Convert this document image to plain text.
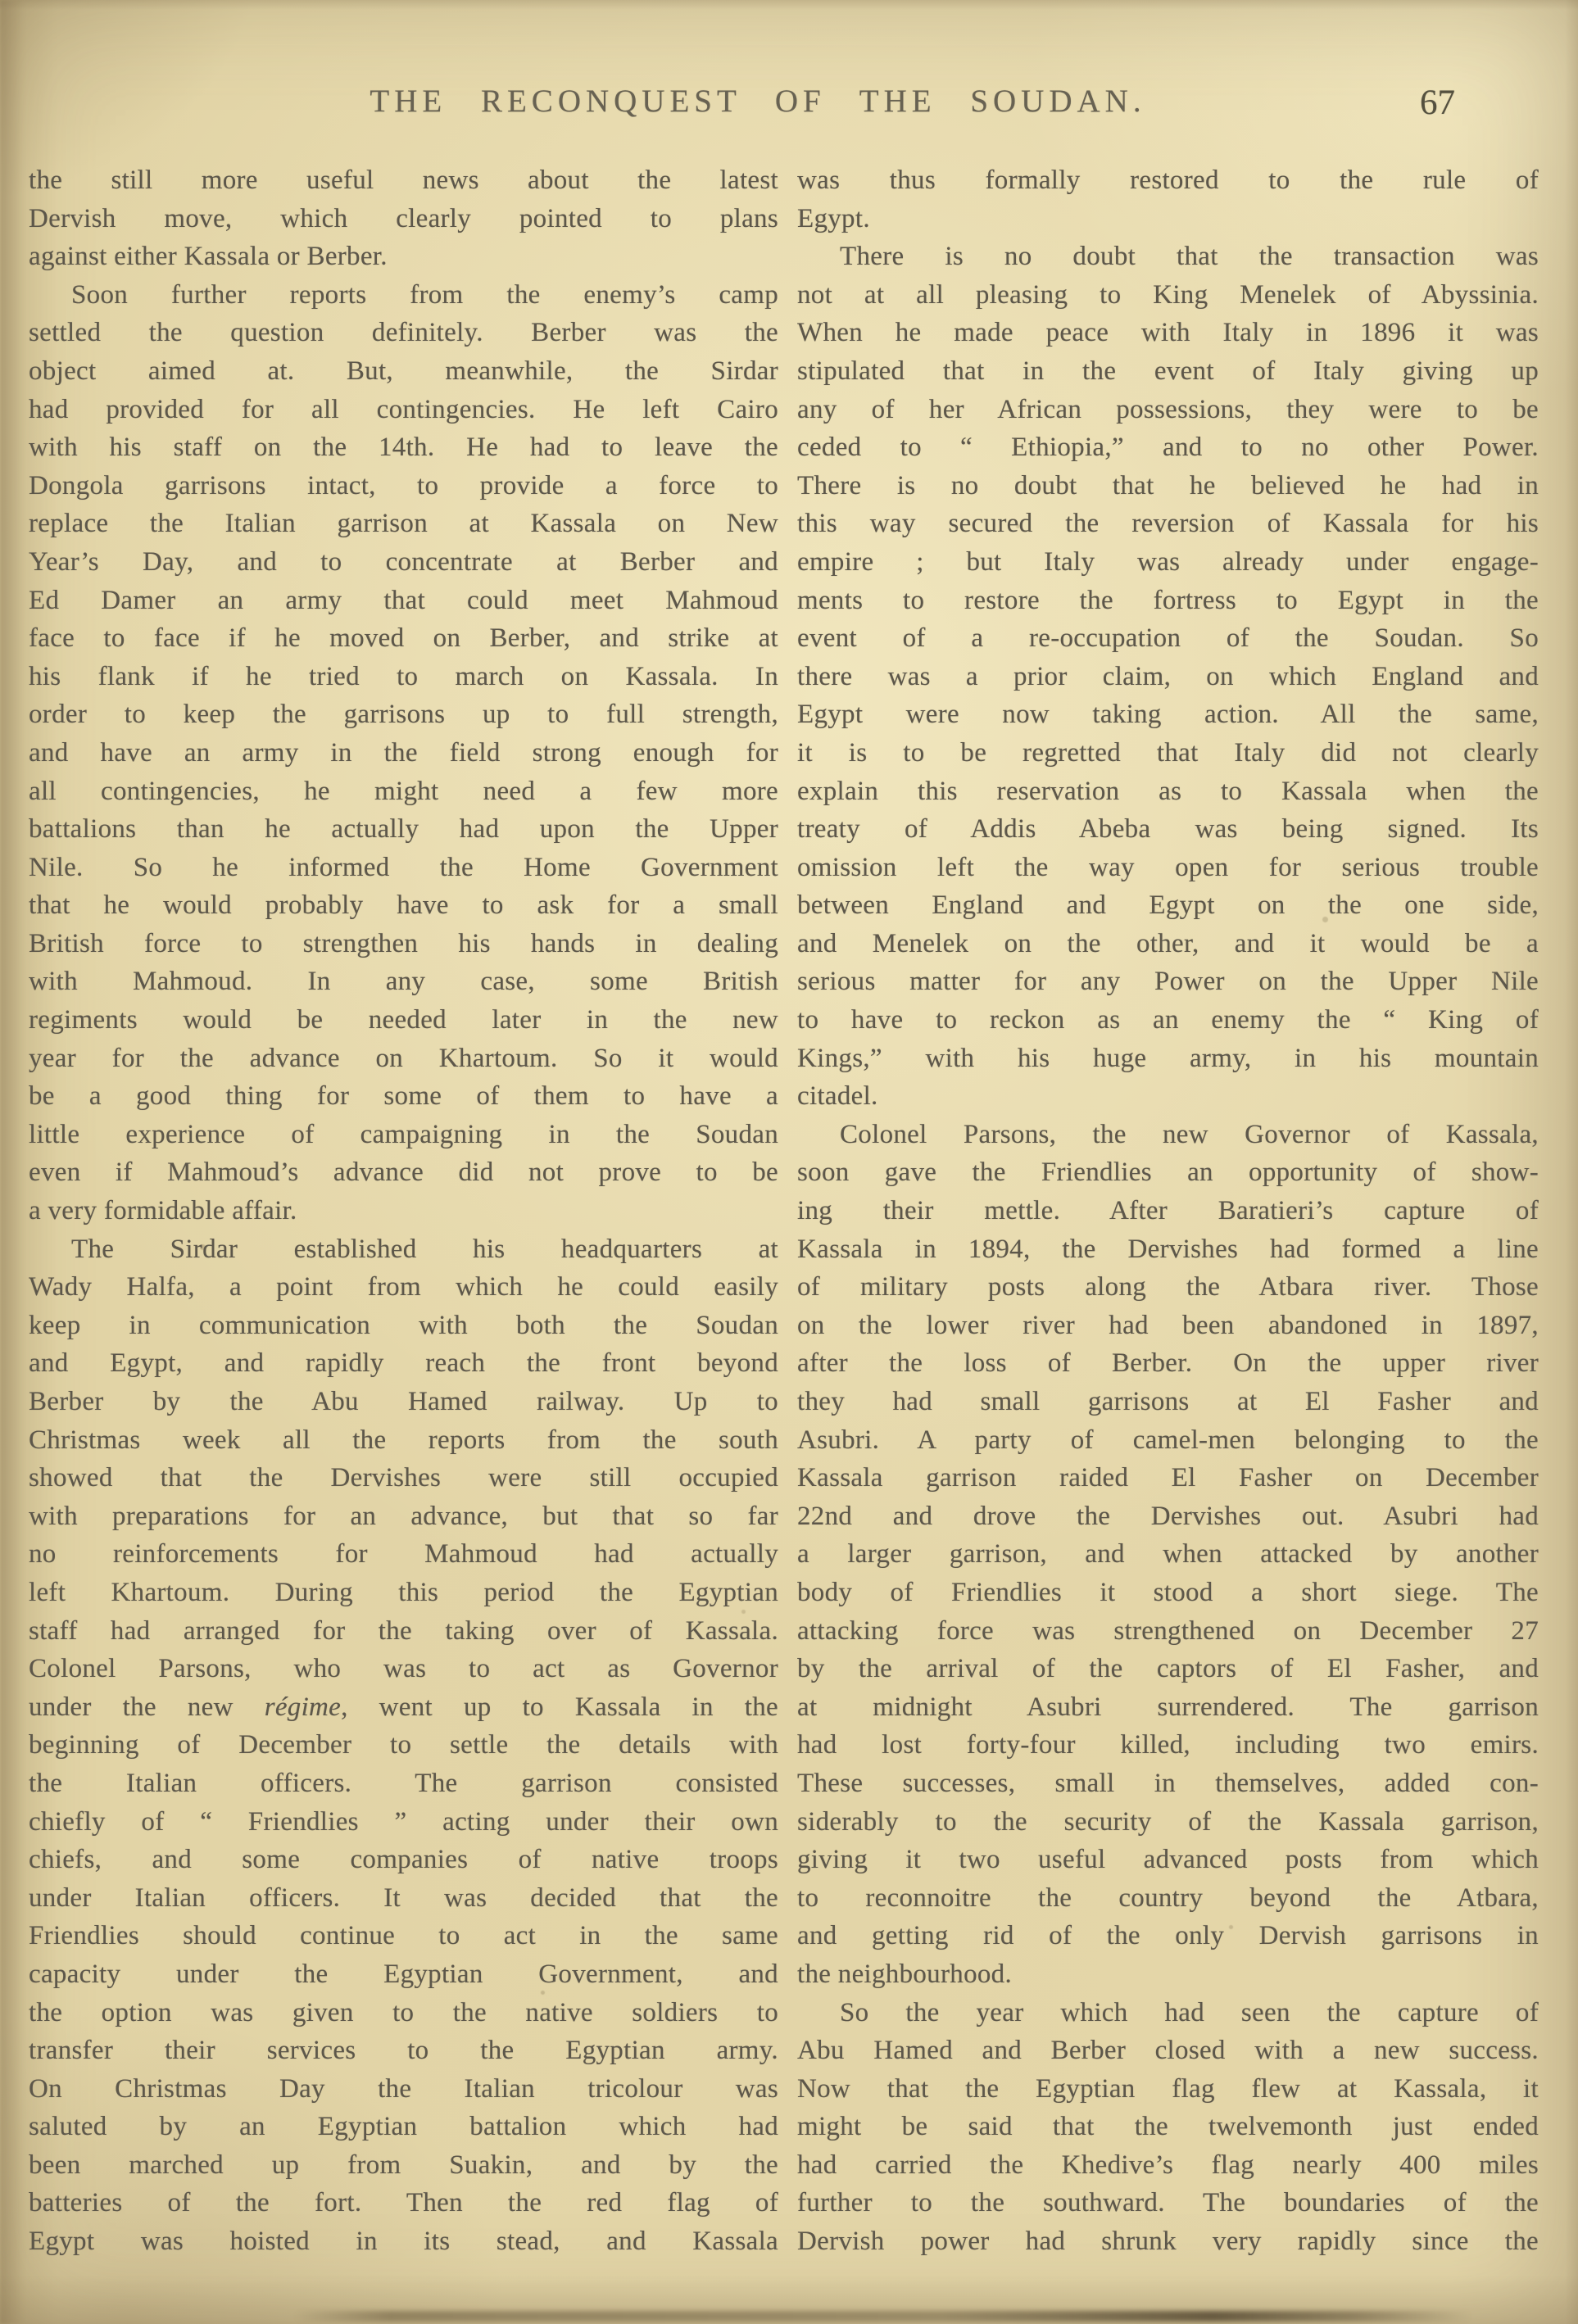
THE RECONQUEST OF THE SOUDAN.	67
the still more useful news about the latest
Dervish move, which clearly pointed to plans
against either Kassala or Berber.
Soon further reports from the enemy’s camp
settled the question definitely. Berber was the
object aimed at. But, meanwhile, the Sirdar
had provided for all contingencies. He left Cairo
with his staff on the 14th. He had to leave the
Dongola garrisons intact, to provide a force to
replace the Italian garrison at Kassala on New
Year’s Day, and to concentrate at Berber and
Ed Damer an army that could meet Mahmoud
face to face if he moved on Berber, and strike at
his flank if he tried to march on Kassala. In
order to keep the garrisons up to full strength,
and have an army in the field strong enough for
all contingencies, he might need a few more
battalions than he actually had upon the Upper
Nile. So he informed the Home Government
that he would probably have to ask for a small
British force to strengthen his hands in dealing
with Mahmoud. In any case, some British
regiments would be needed later in the new
year for the advance on Khartoum. So it would
be a good thing for some of them to have a
little experience of campaigning in the Soudan
even if Mahmoud’s advance did not prove to be
a very formidable affair.
The Sirdar established his headquarters at
Wady Halfa, a point from which he could easily
keep in communication with both the Soudan
and Egypt, and rapidly reach the front beyond
Berber by the Abu Hamed railway. Up to
Christmas week all the reports from the south
showed that the Dervishes were still occupied
with preparations for an advance, but that so far
no reinforcements for Mahmoud had actually
left Khartoum. During this period the Egyptian
staff had arranged for the taking over of Kassala.
Colonel Parsons, who was to act as Governor
under the new régime, went up to Kassala in the
beginning of December to settle the details with
the Italian officers. The garrison consisted
chiefly of “ Friendlies ” acting under their own
chiefs, and some companies of native troops
under Italian officers. It was decided that the
Friendlies should continue to act in the same
capacity under the Egyptian Government, and
the option was given to the native soldiers to
transfer their services to the Egyptian army.
On Christmas Day the Italian tricolour was
saluted by an Egyptian battalion which had
been marched up from Suakin, and by the
batteries of the fort. Then the red flag of
Egypt was hoisted in its stead, and Kassala
was thus formally restored to the rule of
Egypt.
There is no doubt that the transaction was
not at all pleasing to King Menelek of Abyssinia.
When he made peace with Italy in 1896 it was
stipulated that in the event of Italy giving up
any of her African possessions, they were to be
ceded to “ Ethiopia,” and to no other Power.
There is no doubt that he believed he had in
this way secured the reversion of Kassala for his
empire ; but Italy was already under engage-
ments to restore the fortress to Egypt in the
event of a re-occupation of the Soudan. So
there was a prior claim, on which England and
Egypt were now taking action. All the same,
it is to be regretted that Italy did not clearly
explain this reservation as to Kassala when the
treaty of Addis Abeba was being signed. Its
omission left the way open for serious trouble
between England and Egypt on the one side,
and Menelek on the other, and it would be a
serious matter for any Power on the Upper Nile
to have to reckon as an enemy the “ King of
Kings,” with his huge army, in his mountain
citadel.
Colonel Parsons, the new Governor of Kassala,
soon gave the Friendlies an opportunity of show-
ing their mettle. After Baratieri’s capture of
Kassala in 1894, the Dervishes had formed a line
of military posts along the Atbara river. Those
on the lower river had been abandoned in 1897,
after the loss of Berber. On the upper river
they had small garrisons at El Fasher and
Asubri. A party of camel-men belonging to the
Kassala garrison raided El Fasher on December
22nd and drove the Dervishes out. Asubri had
a larger garrison, and when attacked by another
body of Friendlies it stood a short siege. The
attacking force was strengthened on December 27
by the arrival of the captors of El Fasher, and
at midnight Asubri surrendered. The garrison
had lost forty-four killed, including two emirs.
These successes, small in themselves, added con-
siderably to the security of the Kassala garrison,
giving it two useful advanced posts from which
to reconnoitre the country beyond the Atbara,
and getting rid of the only Dervish garrisons in
the neighbourhood.
So the year which had seen the capture of
Abu Hamed and Berber closed with a new success.
Now that the Egyptian flag flew at Kassala, it
might be said that the twelvemonth just ended
had carried the Khedive’s flag nearly 400 miles
further to the southward. The boundaries of the
Dervish power had shrunk very rapidly since the
